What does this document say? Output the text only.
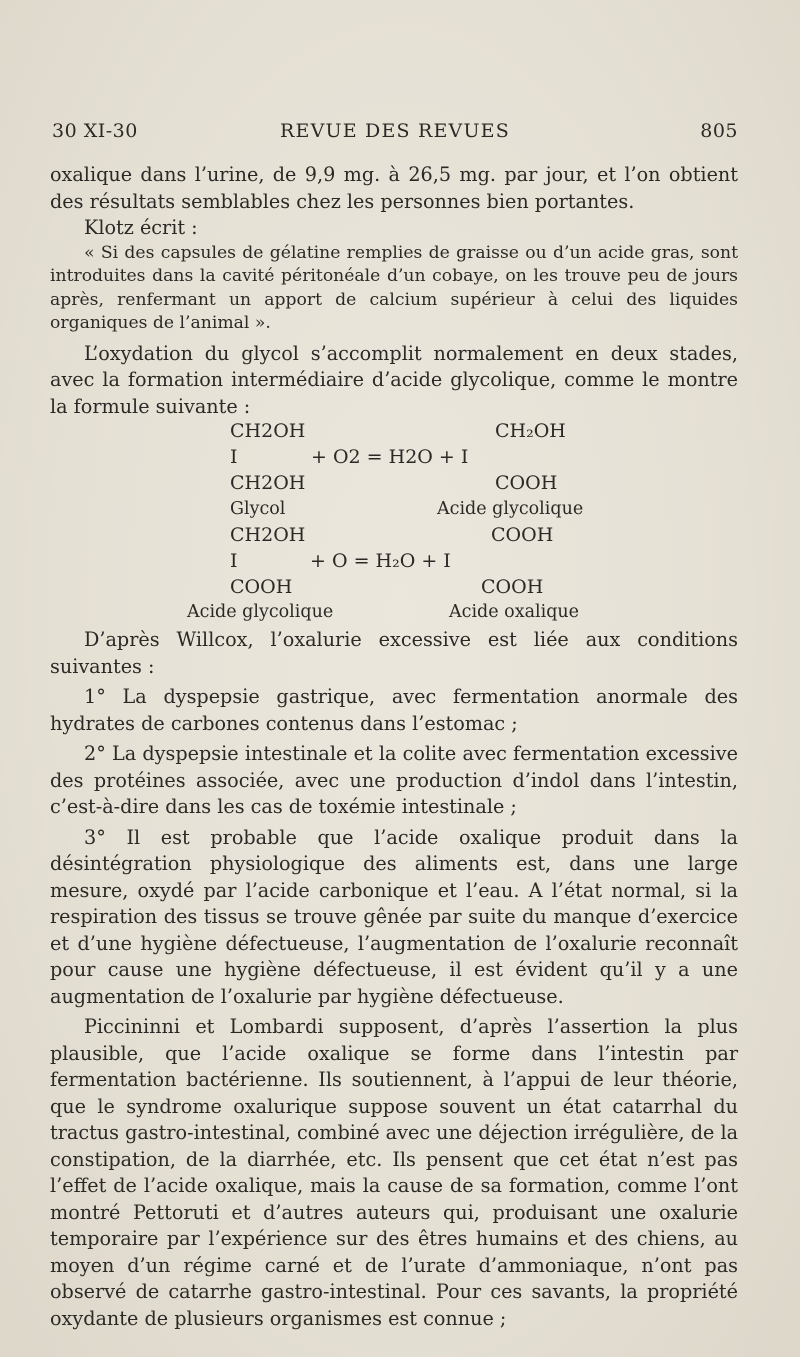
30 XI-30	REVUE DES REVUES	805

oxalique dans l’urine, de 9,9 mg. à 26,5 mg. par jour, et l’on obtient des résultats semblables chez les personnes bien portantes.

Klotz écrit :

« Si des capsules de gélatine remplies de graisse ou d’un acide gras, sont introduites dans la cavité péritonéale d’un cobaye, on les trouve peu de jours après, renfermant un apport de calcium supérieur à celui des liquides organiques de l’animal ».

L’oxydation du glycol s’accomplit normalement en deux stades, avec la formation intermédiaire d’acide glycolique, comme le montre la formule suivante :

CH2OH	CH₂OH
I	+ O2 = H2O + I
CH2OH	COOH
Glycol	Acide glycolique
CH2OH	COOH
I	+ O = H₂O + I
COOH	COOH
Acide glycolique	Acide oxalique

D’après Willcox, l’oxalurie excessive est liée aux conditions suivantes :

1° La dyspepsie gastrique, avec fermentation anormale des hydrates de carbones contenus dans l’estomac ;

2° La dyspepsie intestinale et la colite avec fermentation excessive des protéines associée, avec une production d’indol dans l’intestin, c’est-à-dire dans les cas de toxémie intestinale ;

3° Il est probable que l’acide oxalique produit dans la désintégration physiologique des aliments est, dans une large mesure, oxydé par l’acide carbonique et l’eau. A l’état normal, si la respiration des tissus se trouve gênée par suite du manque d’exercice et d’une hygiène défectueuse, l’augmentation de l’oxalurie reconnaît pour cause une hygiène défectueuse, il est évident qu’il y a une augmentation de l’oxalurie par hygiène défectueuse.

Piccininni et Lombardi supposent, d’après l’assertion la plus plausible, que l’acide oxalique se forme dans l’intestin par fermentation bactérienne. Ils soutiennent, à l’appui de leur théorie, que le syndrome oxalurique suppose souvent un état catarrhal du tractus gastro-intestinal, combiné avec une déjection irrégulière, de la constipation, de la diarrhée, etc. Ils pensent que cet état n’est pas l’effet de l’acide oxalique, mais la cause de sa formation, comme l’ont montré Pettoruti et d’autres auteurs qui, produisant une oxalurie temporaire par l’expérience sur des êtres humains et des chiens, au moyen d’un régime carné et de l’urate d’ammoniaque, n’ont pas observé de catarrhe gastro-intestinal. Pour ces savants, la propriété oxydante de plusieurs organismes est connue ;
